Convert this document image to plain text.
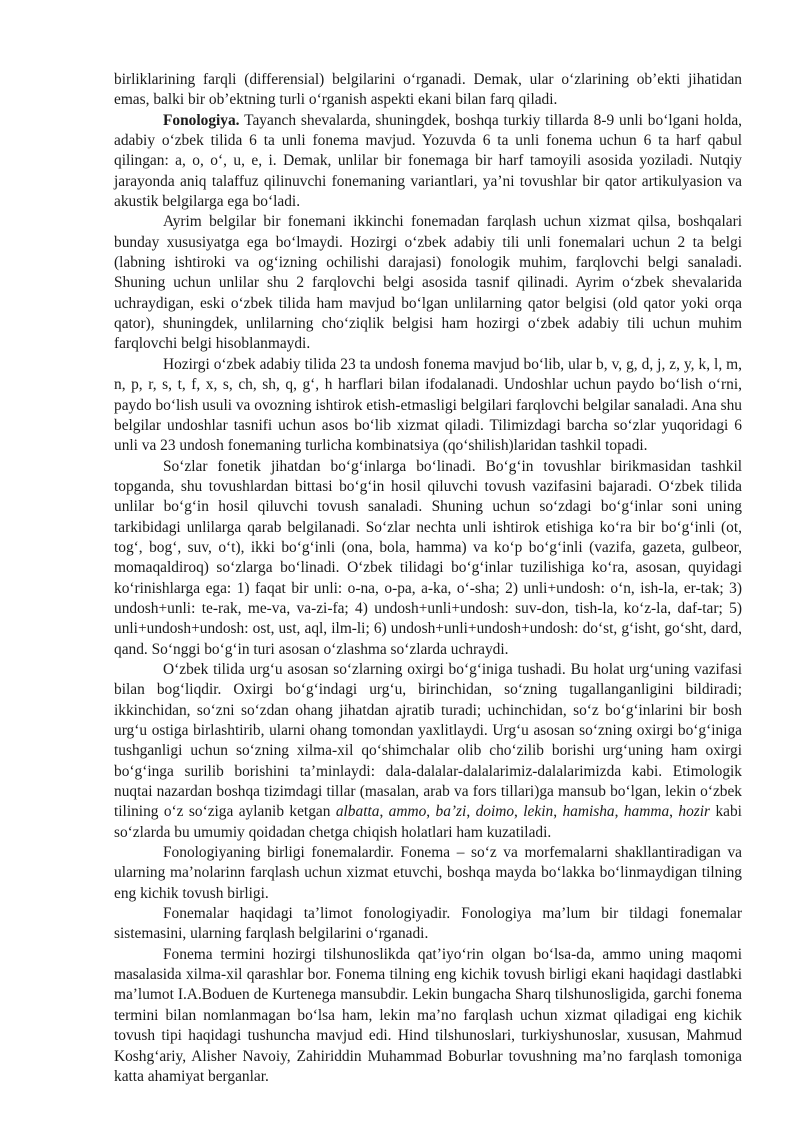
birliklarining farqli (differensial) belgilarini o‘rganadi. Demak, ular o‘zlarining ob’ekti jihatidan emas, balki bir ob’ektning turli o‘rganish aspekti ekani bilan farq qiladi.

Fonologiya. Tayanch shevalarda, shuningdek, boshqa turkiy tillarda 8-9 unli bo‘lgani holda, adabiy o‘zbek tilida 6 ta unli fonema mavjud. Yozuvda 6 ta unli fonema uchun 6 ta harf qabul qilingan: a, o, o‘, u, e, i. Demak, unlilar bir fonemaga bir harf tamoyili asosida yoziladi. Nutqiy jarayonda aniq talaffuz qilinuvchi fonemaning variantlari, ya’ni tovushlar bir qator artikulyasion va akustik belgilarga ega bo‘ladi.

Ayrim belgilar bir fonemani ikkinchi fonemadan farqlash uchun xizmat qilsa, boshqalari bunday xususiyatga ega bo‘lmaydi. Hozirgi o‘zbek adabiy tili unli fonemalari uchun 2 ta belgi (labning ishtiroki va og‘izning ochilishi darajasi) fonologik muhim, farqlovchi belgi sanaladi. Shuning uchun unlilar shu 2 farqlovchi belgi asosida tasnif qilinadi. Ayrim o‘zbek shevalarida uchraydigan, eski o‘zbek tilida ham mavjud bo‘lgan unlilarning qator belgisi (old qator yoki orqa qator), shuningdek, unlilarning cho‘ziqlik belgisi ham hozirgi o‘zbek adabiy tili uchun muhim farqlovchi belgi hisoblanmaydi.

Hozirgi o‘zbek adabiy tilida 23 ta undosh fonema mavjud bo‘lib, ular b, v, g, d, j, z, y, k, l, m, n, p, r, s, t, f, x, s, ch, sh, q, g‘, h harflari bilan ifodalanadi. Undoshlar uchun paydo bo‘lish o‘rni, paydo bo‘lish usuli va ovozning ishtirok etish-etmasligi belgilari farqlovchi belgilar sanaladi. Ana shu belgilar undoshlar tasnifi uchun asos bo‘lib xizmat qiladi. Tilimizdagi barcha so‘zlar yuqoridagi 6 unli va 23 undosh fonemaning turlicha kombinatsiya (qo‘shilish)laridan tashkil topadi.

So‘zlar fonetik jihatdan bo‘g‘inlarga bo‘linadi. Bo‘g‘in tovushlar birikmasidan tashkil topganda, shu tovushlardan bittasi bo‘g‘in hosil qiluvchi tovush vazifasini bajaradi. O‘zbek tilida unlilar bo‘g‘in hosil qiluvchi tovush sanaladi. Shuning uchun so‘zdagi bo‘g‘inlar soni uning tarkibidagi unlilarga qarab belgilanadi. So‘zlar nechta unli ishtirok etishiga ko‘ra bir bo‘g‘inli (ot, tog‘, bog‘, suv, o‘t), ikki bo‘g‘inli (ona, bola, hamma) va ko‘p bo‘g‘inli (vazifa, gazeta, gulbeor, momaqaldiroq) so‘zlarga bo‘linadi. O‘zbek tilidagi bo‘g‘inlar tuzilishiga ko‘ra, asosan, quyidagi ko‘rinishlarga ega: 1) faqat bir unli: o-na, o-pa, a-ka, o‘-sha; 2) unli+undosh: o‘n, ish-la, er-tak; 3) undosh+unli: te-rak, me-va, va-zi-fa; 4) undosh+unli+undosh: suv-don, tish-la, ko‘z-la, daf-tar; 5) unli+undosh+undosh: ost, ust, aql, ilm-li; 6) undosh+unli+undosh+undosh: do‘st, g‘isht, go‘sht, dard, qand. So‘nggi bo‘g‘in turi asosan o‘zlashma so‘zlarda uchraydi.

O‘zbek tilida urg‘u asosan so‘zlarning oxirgi bo‘g‘iniga tushadi. Bu holat urg‘uning vazifasi bilan bog‘liqdir. Oxirgi bo‘g‘indagi urg‘u, birinchidan, so‘zning tugallanganligini bildiradi; ikkinchidan, so‘zni so‘zdan ohang jihatdan ajratib turadi; uchinchidan, so‘z bo‘g‘inlarini bir bosh urg‘u ostiga birlashtirib, ularni ohang tomondan yaxlitlaydi. Urg‘u asosan so‘zning oxirgi bo‘g‘iniga tushganligi uchun so‘zning xilma-xil qo‘shimchalar olib cho‘zilib borishi urg‘uning ham oxirgi bo‘g‘inga surilib borishini ta’minlaydi: dala-dalalar-dalalarimiz-dalalarimizda kabi. Etimologik nuqtai nazardan boshqa tizimdagi tillar (masalan, arab va fors tillari)ga mansub bo‘lgan, lekin o‘zbek tilining o‘z so‘ziga aylanib ketgan albatta, ammo, ba’zi, doimo, lekin, hamisha, hamma, hozir kabi so‘zlarda bu umumiy qoidadan chetga chiqish holatlari ham kuzatiladi.

Fonologiyaning birligi fonemalardir. Fonema – so‘z va morfemalarni shakllantiradigan va ularning ma’nolarinn farqlash uchun xizmat etuvchi, boshqa mayda bo‘lakka bo‘linmaydigan tilning eng kichik tovush birligi.

Fonemalar haqidagi ta’limot fonologiyadir. Fonologiya ma’lum bir tildagi fonemalar sistemasini, ularning farqlash belgilarini o‘rganadi.

Fonema termini hozirgi tilshunoslikda qat’iyo‘rin olgan bo‘lsa-da, ammo uning maqomi masalasida xilma-xil qarashlar bor. Fonema tilning eng kichik tovush birligi ekani haqidagi dastlabki ma’lumot I.A.Boduen de Kurtenega mansubdir. Lekin bungacha Sharq tilshunosligida, garchi fonema termini bilan nomlanmagan bo‘lsa ham, lekin ma’no farqlash uchun xizmat qiladigai eng kichik tovush tipi haqidagi tushuncha mavjud edi. Hind tilshunoslari, turkiyshunoslar, xususan, Mahmud Koshg‘ariy, Alisher Navoiy, Zahiriddin Muhammad Boburlar tovushning ma’no farqlash tomoniga katta ahamiyat berganlar.
